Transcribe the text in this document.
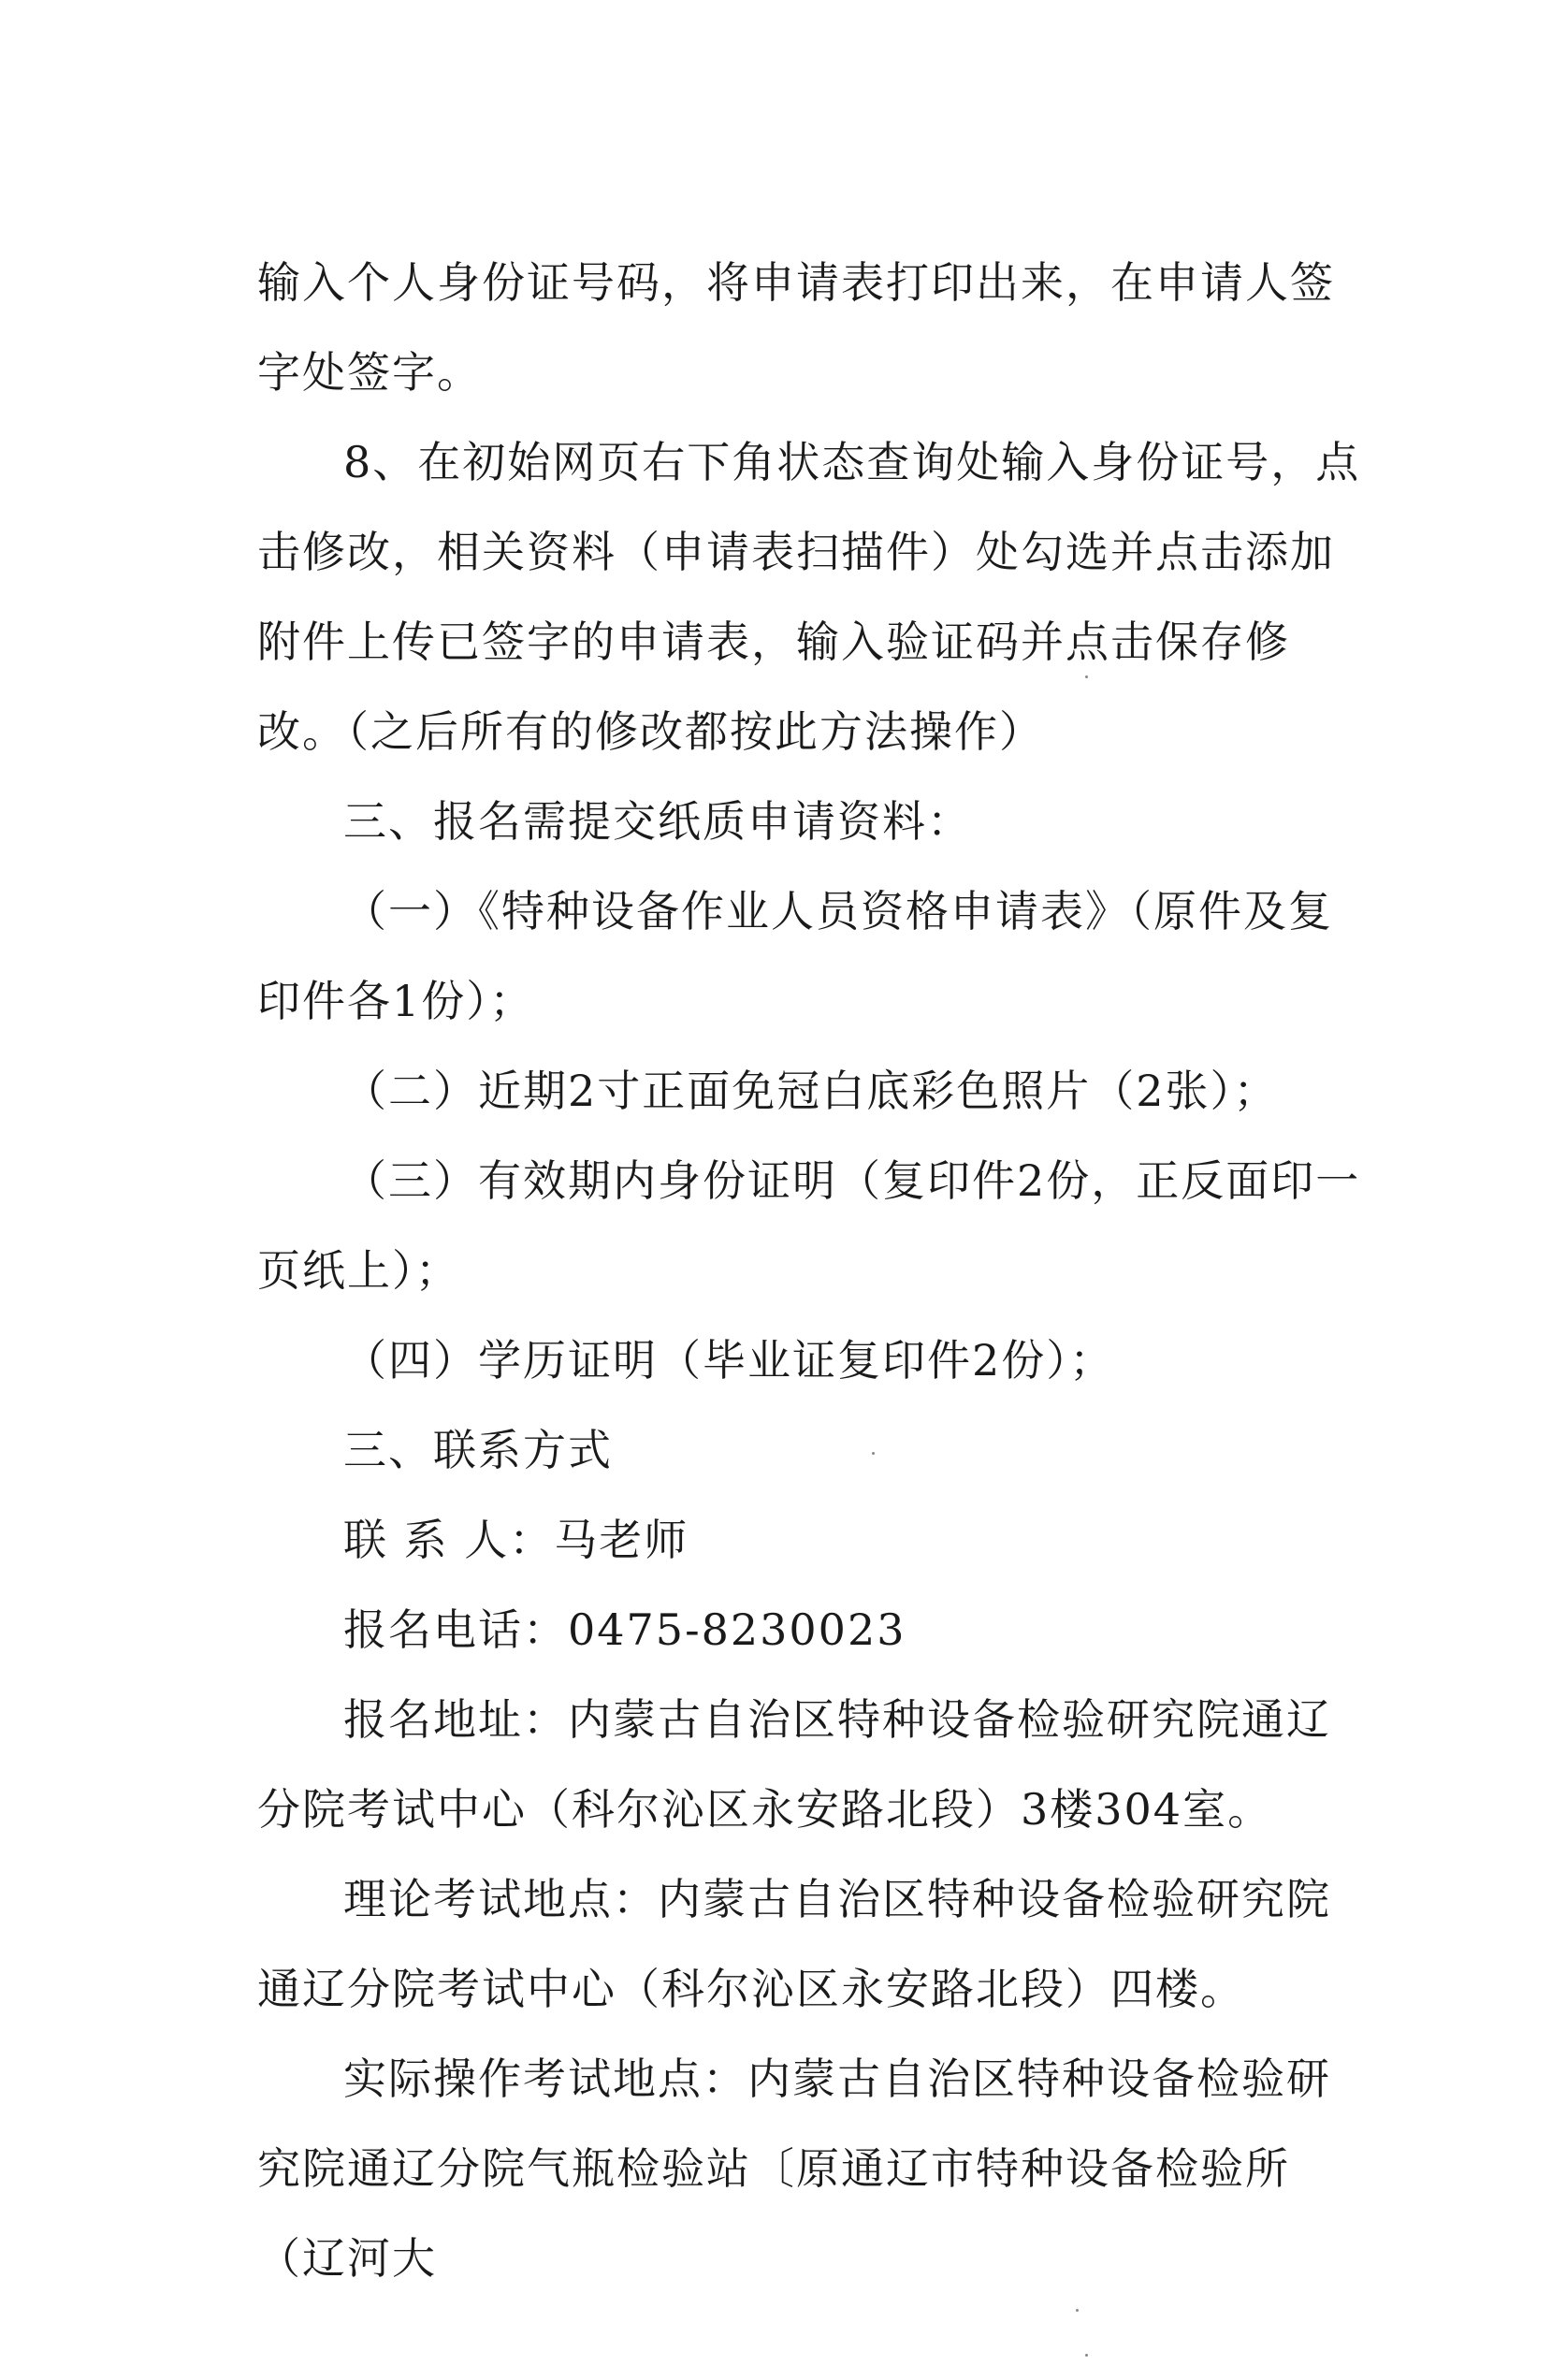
输入个人身份证号码，将申请表打印出来，在申请人签字处签字。

8、在初始网页右下角状态查询处输入身份证号，点击修改，相关资料（申请表扫描件）处勾选并点击添加附件上传已签字的申请表，输入验证码并点击保存修改。（之后所有的修改都按此方法操作）

三、报名需提交纸质申请资料：

（一）《特种设备作业人员资格申请表》（原件及复印件各1份）；

（二）近期2寸正面免冠白底彩色照片（2张）；

（三）有效期内身份证明（复印件2份，正反面印一页纸上）；

（四）学历证明（毕业证复印件2份）；

三、联系方式

联 系 人：马老师

报名电话：0475-8230023

报名地址：内蒙古自治区特种设备检验研究院通辽分院考试中心（科尔沁区永安路北段）3楼304室。

理论考试地点：内蒙古自治区特种设备检验研究院通辽分院考试中心（科尔沁区永安路北段）四楼。

实际操作考试地点：内蒙古自治区特种设备检验研究院通辽分院气瓶检验站〔原通辽市特种设备检验所（辽河大
